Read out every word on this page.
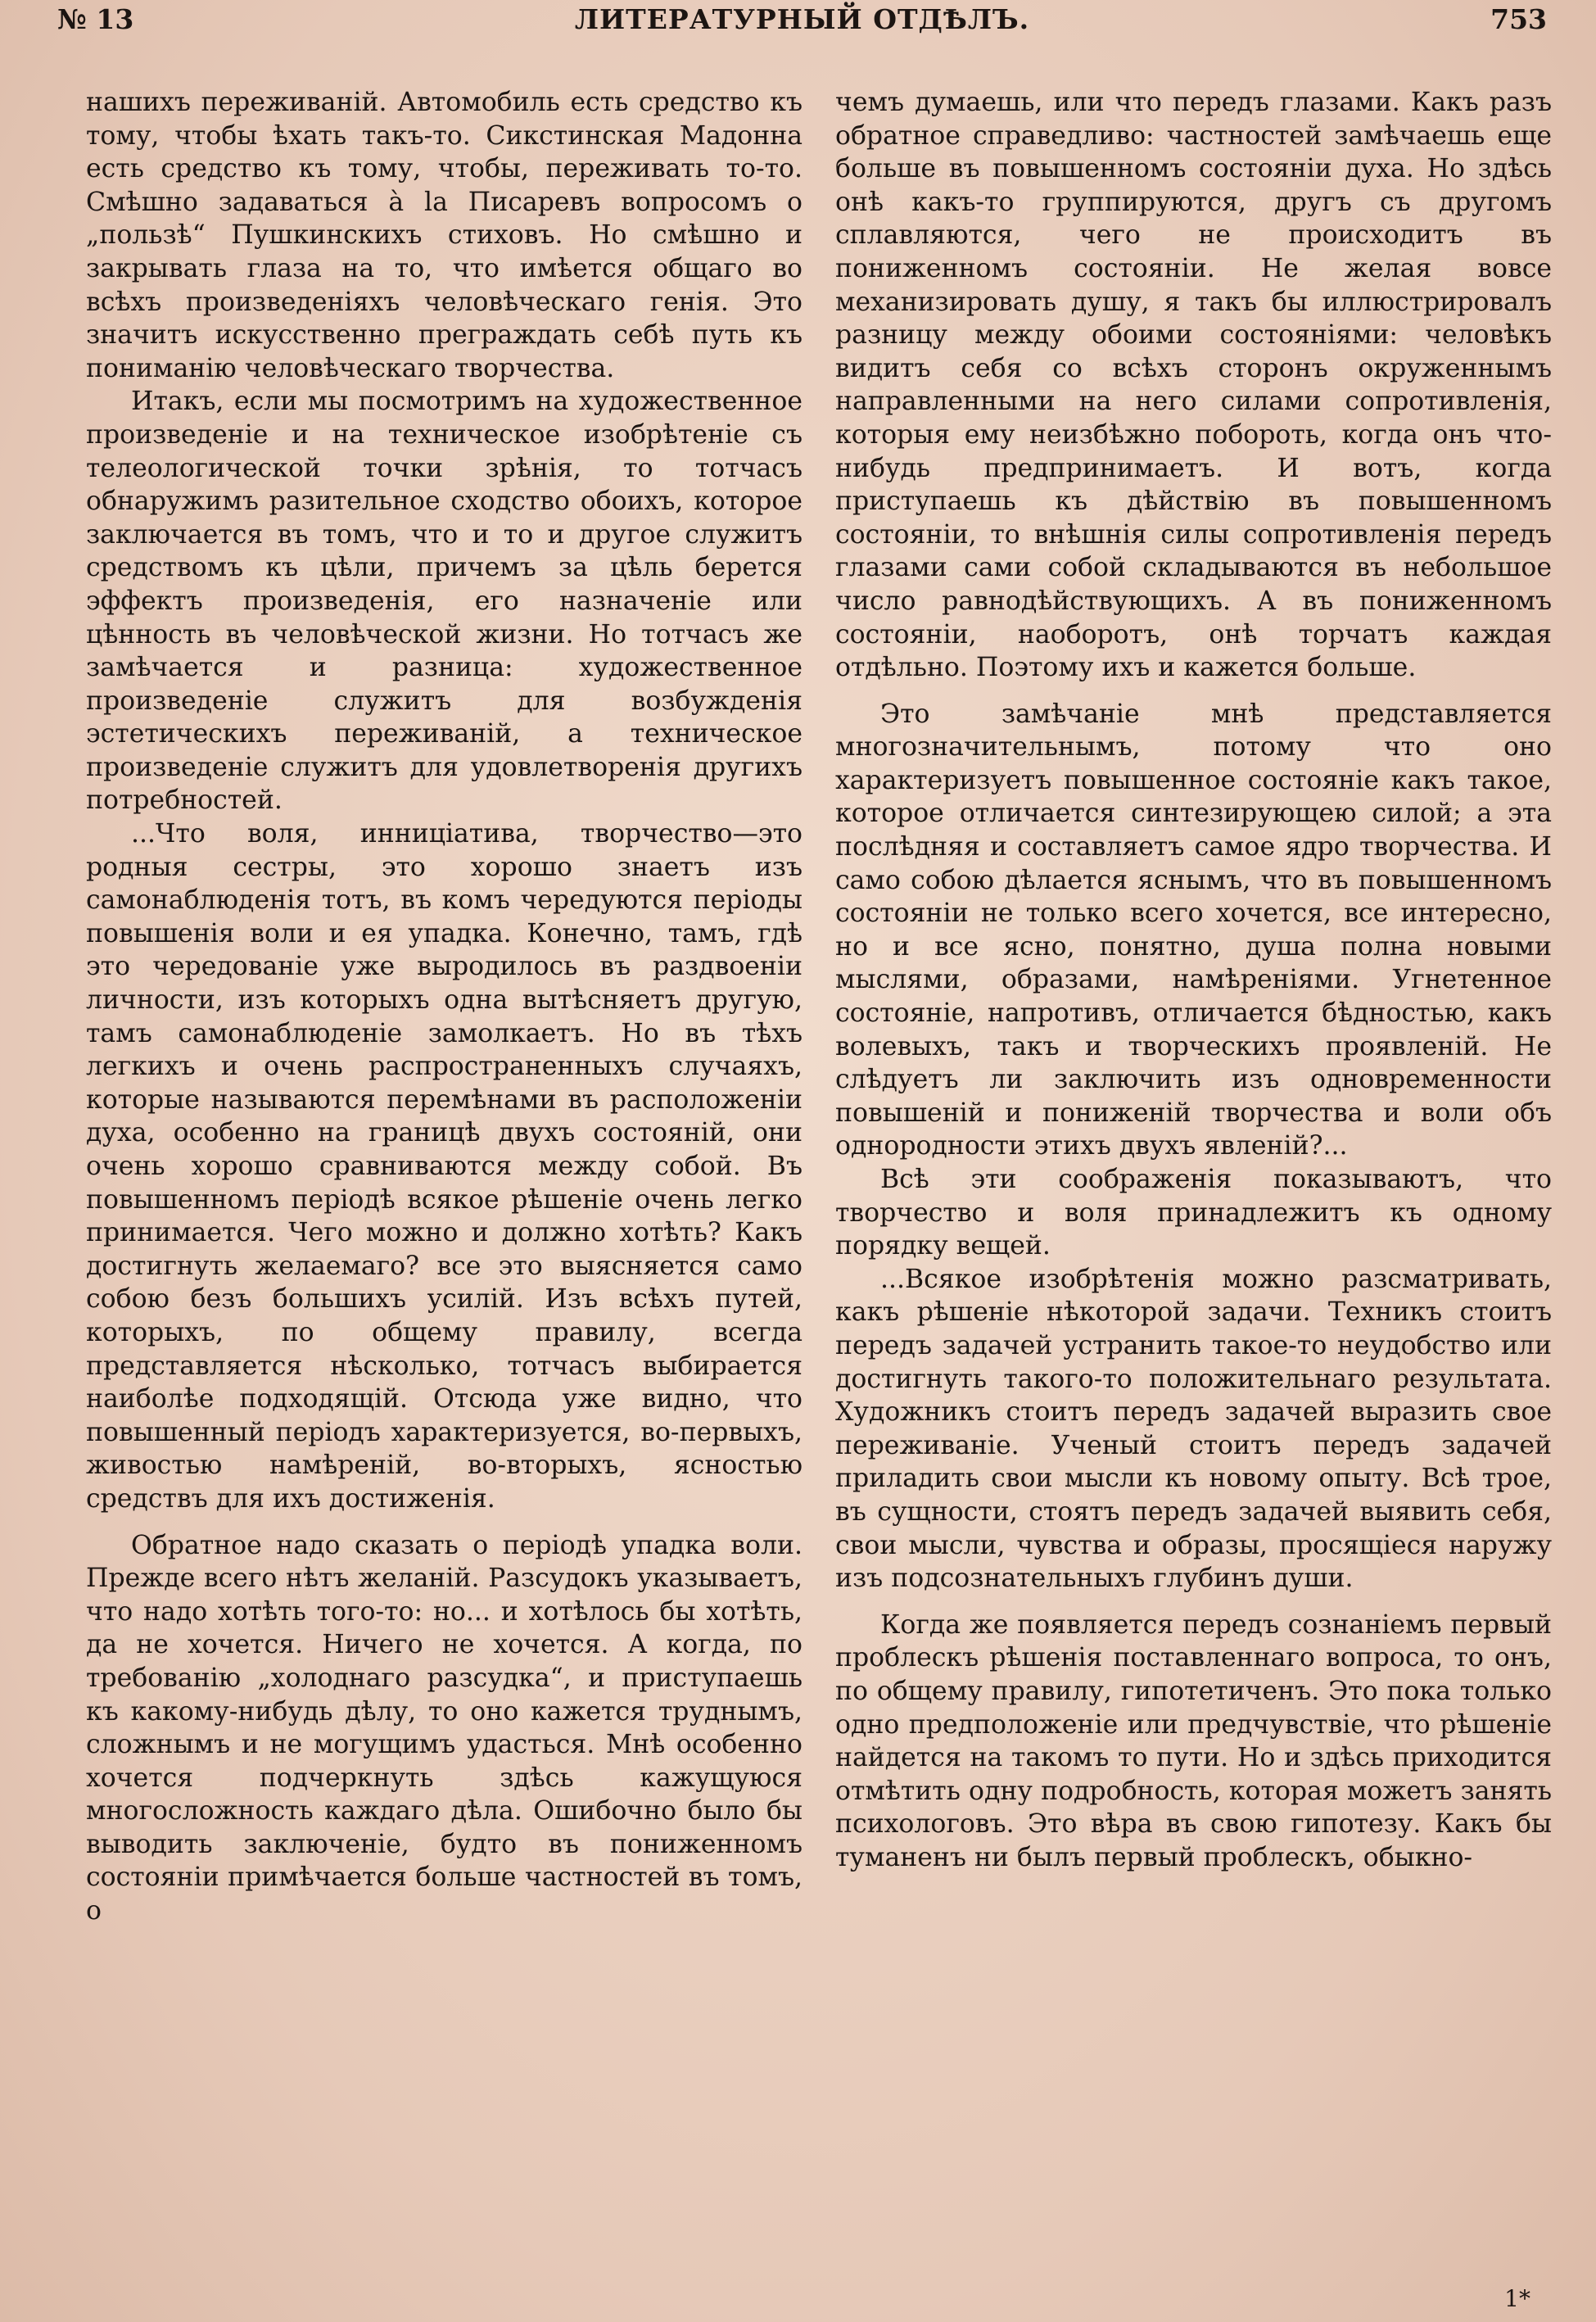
№ 13	ЛИТЕРАТУРНЫЙ ОТДѢЛЪ.	753

нашихъ переживаній. Автомобиль есть средство къ тому, чтобы ѣхать такъ-то. Сикстинская Мадонна есть средство къ тому, чтобы, переживать то-то. Смѣшно задаваться à la Писаревъ вопросомъ о „пользѣ“ Пушкинскихъ стиховъ. Но смѣшно и закрывать глаза на то, что имѣется общаго во всѣхъ произведеніяхъ человѣческаго генія. Это значитъ искусственно преграждать себѣ путь къ пониманію человѣческаго творчества.

Итакъ, если мы посмотримъ на художественное произведеніе и на техническое изобрѣтеніе съ телеологической точки зрѣнія, то тотчасъ обнаружимъ разительное сходство обоихъ, которое заключается въ томъ, что и то и другое служитъ средствомъ къ цѣли, причемъ за цѣль берется эффектъ произведенія, его назначеніе или цѣнность въ человѣческой жизни. Но тотчасъ же замѣчается и разница: художественное произведеніе служитъ для возбужденія эстетическихъ переживаній, а техническое произведеніе служитъ для удовлетворенія другихъ потребностей.

...Что воля, инниціатива, творчество—это родныя сестры, это хорошо знаетъ изъ самонаблюденія тотъ, въ комъ чередуются періоды повышенія воли и ея упадка. Конечно, тамъ, гдѣ это чередованіе уже выродилось въ раздвоеніи личности, изъ которыхъ одна вытѣсняетъ другую, тамъ самонаблюденіе замолкаетъ. Но въ тѣхъ легкихъ и очень распространенныхъ случаяхъ, которые называются перемѣнами въ расположеніи духа, особенно на границѣ двухъ состояній, они очень хорошо сравниваются между собой. Въ повышенномъ періодѣ всякое рѣшеніе очень легко принимается. Чего можно и должно хотѣть? Какъ достигнуть желаемаго? все это выясняется само собою безъ большихъ усилій. Изъ всѣхъ путей, которыхъ, по общему правилу, всегда представляется нѣсколько, тотчасъ выбирается наиболѣе подходящій. Отсюда уже видно, что повышенный періодъ характеризуется, во-первыхъ, живостью намѣреній, во-вторыхъ, ясностью средствъ для ихъ достиженія.

Обратное надо сказать о періодѣ упадка воли. Прежде всего нѣтъ желаній. Разсудокъ указываетъ, что надо хотѣть того-то: но... и хотѣлось бы хотѣть, да не хочется. Ничего не хочется. А когда, по требованію „холоднаго разсудка“, и приступаешь къ какому-нибудь дѣлу, то оно кажется труднымъ, сложнымъ и не могущимъ удасться. Мнѣ особенно хочется подчеркнуть здѣсь кажущуюся многосложность каждаго дѣла. Ошибочно было бы выводить заключеніе, будто въ пониженномъ состояніи примѣчается больше частностей въ томъ, о

чемъ думаешь, или что передъ глазами. Какъ разъ обратное справедливо: частностей замѣчаешь еще больше въ повышенномъ состояніи духа. Но здѣсь онѣ какъ-то группируются, другъ съ другомъ сплавляются, чего не происходитъ въ пониженномъ состояніи. Не желая вовсе механизировать душу, я такъ бы иллюстрировалъ разницу между обоими состояніями: человѣкъ видитъ себя со всѣхъ сторонъ окруженнымъ направленными на него силами сопротивленія, которыя ему неизбѣжно побороть, когда онъ что-нибудь предпринимаетъ. И вотъ, когда приступаешь къ дѣйствію въ повышенномъ состояніи, то внѣшнія силы сопротивленія передъ глазами сами собой складываются въ небольшое число равнодѣйствующихъ. А въ пониженномъ состояніи, наоборотъ, онѣ торчатъ каждая отдѣльно. Поэтому ихъ и кажется больше.

Это замѣчаніе мнѣ представляется многозначительнымъ, потому что оно характеризуетъ повышенное состояніе какъ такое, которое отличается синтезирующею силой; а эта послѣдняя и составляетъ самое ядро творчества. И само собою дѣлается яснымъ, что въ повышенномъ состояніи не только всего хочется, все интересно, но и все ясно, понятно, душа полна новыми мыслями, образами, намѣреніями. Угнетенное состояніе, напротивъ, отличается бѣдностью, какъ волевыхъ, такъ и творческихъ проявленій. Не слѣдуетъ ли заключить изъ одновременности повышеній и пониженій творчества и воли объ однородности этихъ двухъ явленій?...

Всѣ эти соображенія показываютъ, что творчество и воля принадлежитъ къ одному порядку вещей.

...Всякое изобрѣтенія можно разсматривать, какъ рѣшеніе нѣкоторой задачи. Техникъ стоитъ передъ задачей устранить такое-то неудобство или достигнуть такого-то положительнаго результата. Художникъ стоитъ передъ задачей выразить свое переживаніе. Ученый стоитъ передъ задачей приладить свои мысли къ новому опыту. Всѣ трое, въ сущности, стоятъ передъ задачей выявить себя, свои мысли, чувства и образы, просящіеся наружу изъ подсознательныхъ глубинъ души.

Когда же появляется передъ сознаніемъ первый проблескъ рѣшенія поставленнаго вопроса, то онъ, по общему правилу, гипотетиченъ. Это пока только одно предположеніе или предчувствіе, что рѣшеніе найдется на такомъ то пути. Но и здѣсь приходится отмѣтить одну подробность, которая можетъ занять психологовъ. Это вѣра въ свою гипотезу. Какъ бы туманенъ ни былъ первый проблескъ, обыкно-

1*
